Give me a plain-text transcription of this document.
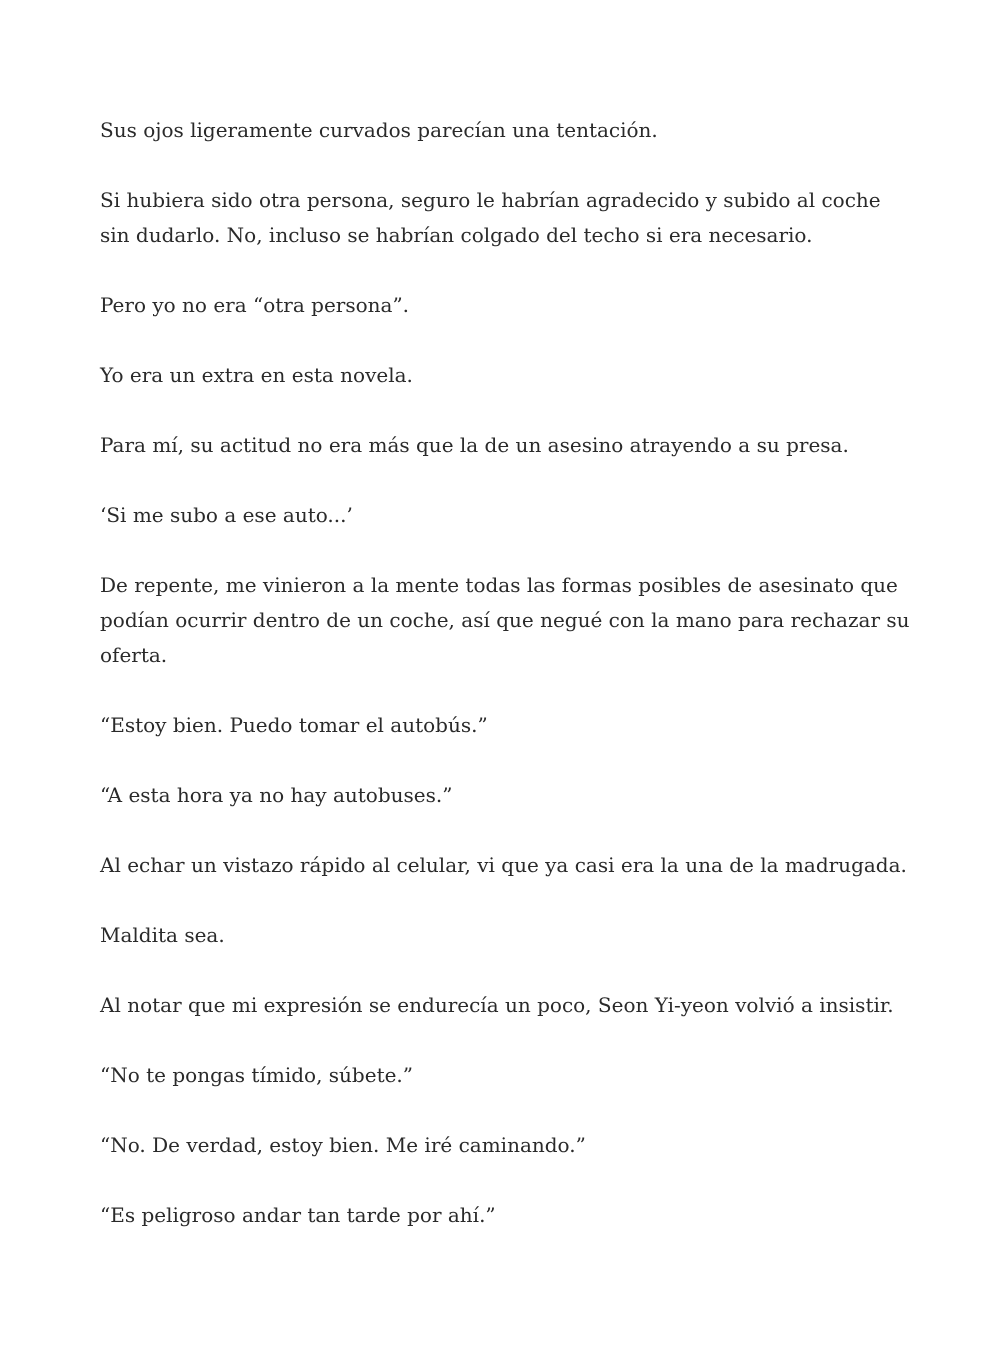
Sus ojos ligeramente curvados parecían una tentación.

Si hubiera sido otra persona, seguro le habrían agradecido y subido al coche sin dudarlo. No, incluso se habrían colgado del techo si era necesario.

Pero yo no era “otra persona”.

Yo era un extra en esta novela.

Para mí, su actitud no era más que la de un asesino atrayendo a su presa.

‘Si me subo a ese auto...’

De repente, me vinieron a la mente todas las formas posibles de asesinato que podían ocurrir dentro de un coche, así que negué con la mano para rechazar su oferta.

“Estoy bien. Puedo tomar el autobús.”

“A esta hora ya no hay autobuses.”

Al echar un vistazo rápido al celular, vi que ya casi era la una de la madrugada.

Maldita sea.

Al notar que mi expresión se endurecía un poco, Seon Yi-yeon volvió a insistir.

“No te pongas tímido, súbete.”

“No. De verdad, estoy bien. Me iré caminando.”

“Es peligroso andar tan tarde por ahí.”
